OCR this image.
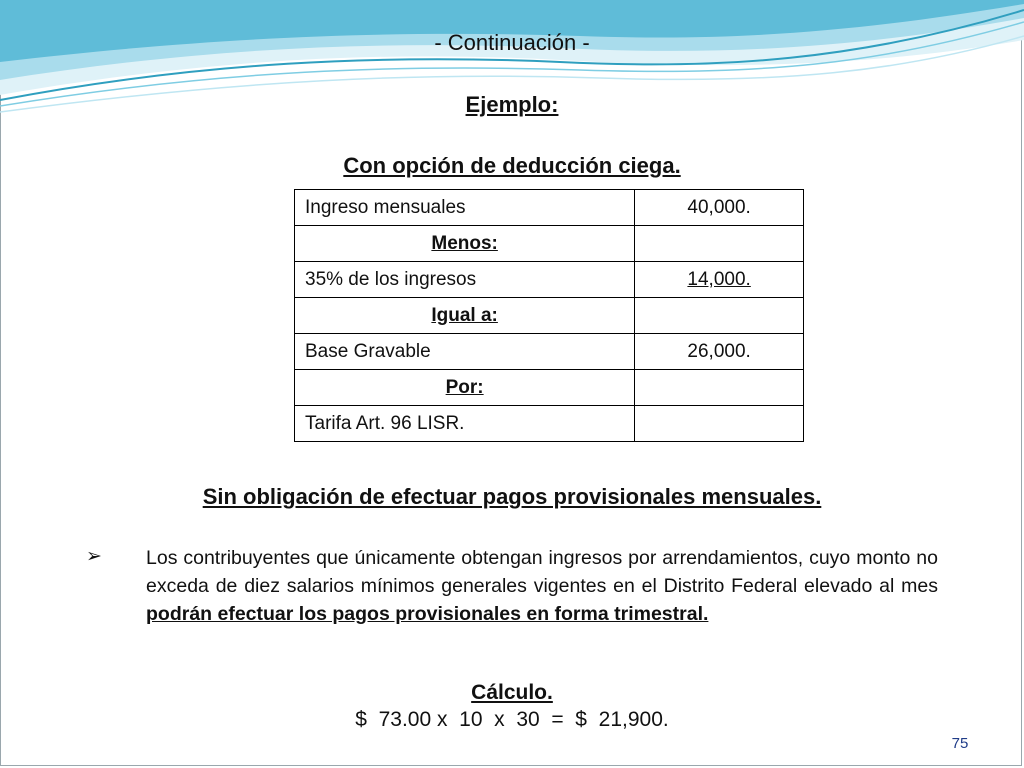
- Continuación -
Ejemplo:
Con opción de deducción ciega.
Ingreso mensuales	40,000.
Menos:	
35% de los ingresos	14,000.
Igual a:	
Base Gravable	26,000.
Por:	
Tarifa Art. 96 LISR.	
Sin obligación de efectuar pagos provisionales mensuales.
➢ Los contribuyentes que únicamente obtengan ingresos por arrendamientos, cuyo monto no exceda de diez salarios mínimos generales vigentes en el Distrito Federal elevado al mes podrán efectuar los pagos provisionales en forma trimestral.
Cálculo.
$  73.00 x  10  x  30  =  $  21,900.
75
